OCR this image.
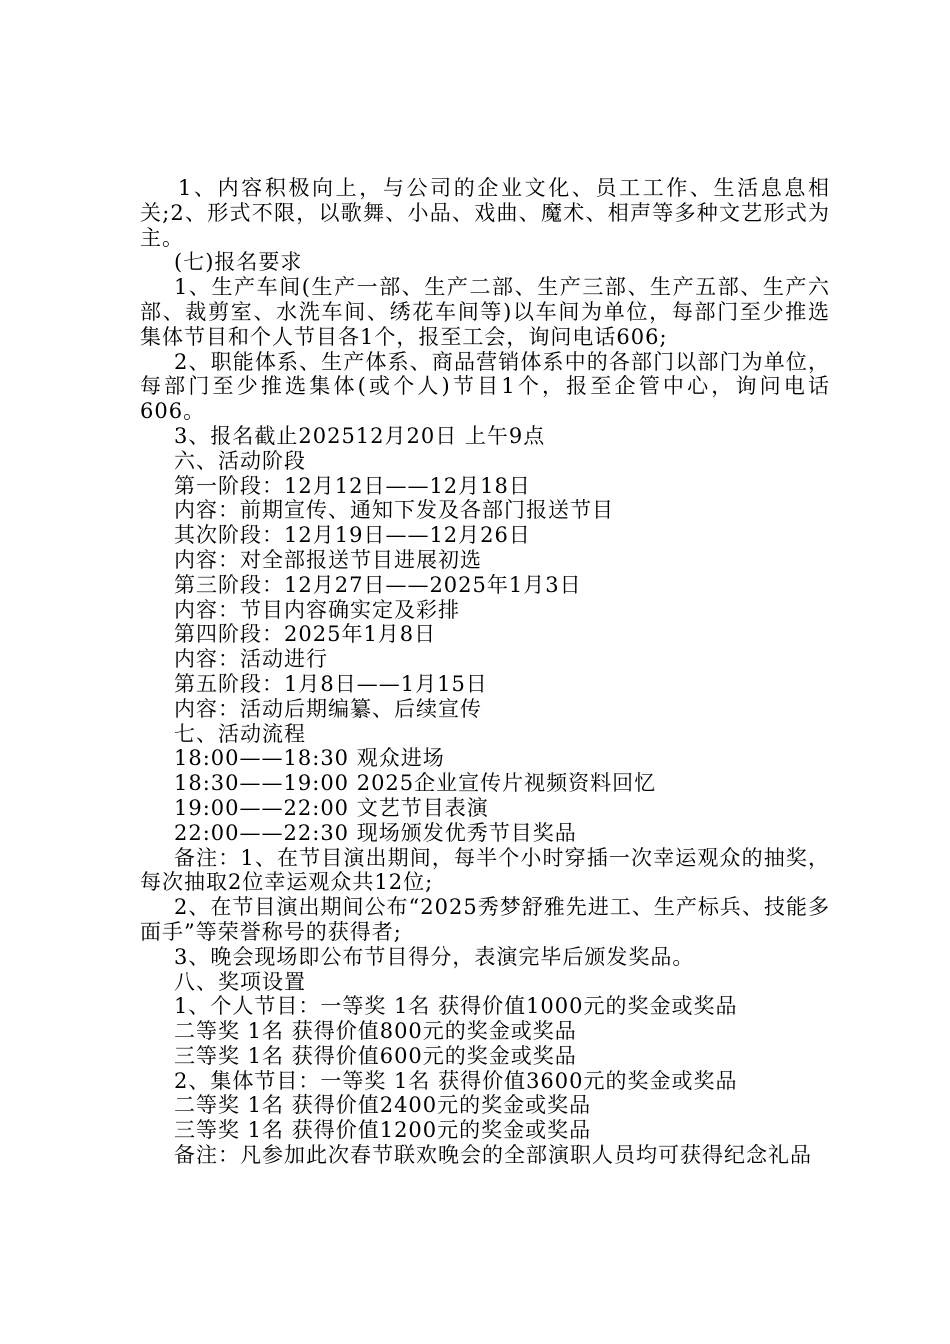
1、内容积极向上，与公司的企业文化、员工工作、生活息息相关;2、形式不限，以歌舞、小品、戏曲、魔术、相声等多种文艺形式为主。

(七)报名要求

1、生产车间(生产一部、生产二部、生产三部、生产五部、生产六部、裁剪室、水洗车间、绣花车间等)以车间为单位，每部门至少推选集体节目和个人节目各1个，报至工会，询问电话606;

2、职能体系、生产体系、商品营销体系中的各部门以部门为单位，每部门至少推选集体(或个人)节目1个，报至企管中心，询问电话606。

3、报名截止202512月20日 上午9点

六、活动阶段

第一阶段：12月12日——12月18日

内容：前期宣传、通知下发及各部门报送节目

其次阶段：12月19日——12月26日

内容：对全部报送节目进展初选

第三阶段：12月27日——2025年1月3日

内容：节目内容确实定及彩排

第四阶段：2025年1月8日

内容：活动进行

第五阶段：1月8日——1月15日

内容：活动后期编纂、后续宣传

七、活动流程

18:00——18:30 观众进场

18:30——19:00 2025企业宣传片视频资料回忆

19:00——22:00 文艺节目表演

22:00——22:30 现场颁发优秀节目奖品

备注：1、在节目演出期间，每半个小时穿插一次幸运观众的抽奖，每次抽取2位幸运观众共12位;

2、在节目演出期间公布“2025秀梦舒雅先进工、生产标兵、技能多面手”等荣誉称号的获得者;

3、晚会现场即公布节目得分，表演完毕后颁发奖品。

八、奖项设置

1、个人节目：一等奖 1名 获得价值1000元的奖金或奖品

二等奖 1名 获得价值800元的奖金或奖品

三等奖 1名 获得价值600元的奖金或奖品

2、集体节目：一等奖 1名 获得价值3600元的奖金或奖品

二等奖 1名 获得价值2400元的奖金或奖品

三等奖 1名 获得价值1200元的奖金或奖品

备注：凡参加此次春节联欢晚会的全部演职人员均可获得纪念礼品
